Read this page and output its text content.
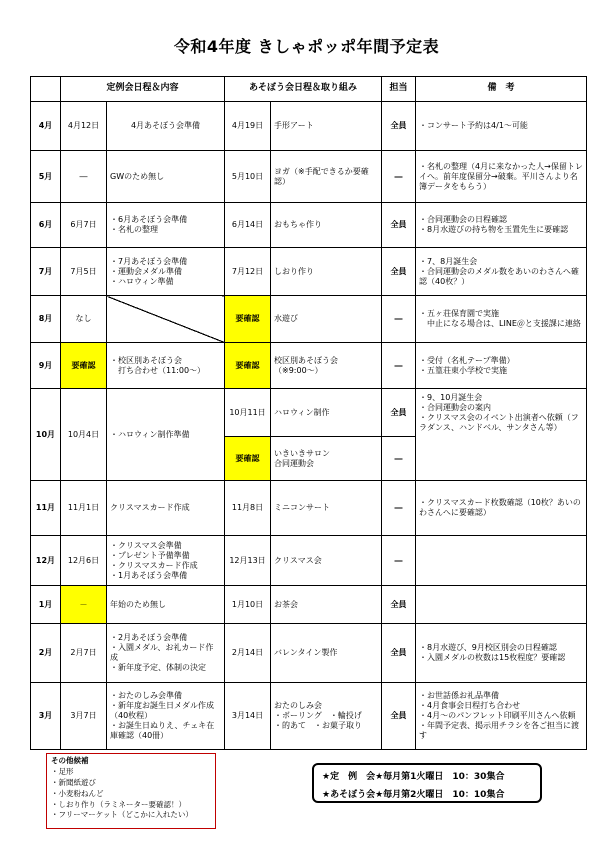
令和4年度 きしゃポッポ年間予定表
	定例会日程＆内容		あそぼう会日程＆取り組み		担当	備　考
4月	4月12日	4月あそぼう会準備	4月19日	手形アート	全員	・コンサート予約は4/1～可能
5月	―	GWのため無し	5月10日	ヨガ（※手配できるか要確認）	―	・名札の整理（4月に来なかった人→保留トレイへ。前年度保留分→破棄。平川さんより名簿データをもらう）
6月	6月7日	・6月あそぼう会準備
・名札の整理	6月14日	おもちゃ作り	全員	・合同運動会の日程確認
・8月水遊びの持ち物を玉置先生に要確認
7月	7月5日	・7月あそぼう会準備
・運動会メダル準備
・ハロウィン準備	7月12日	しおり作り	全員	・7、8月誕生会
・合同運動会のメダル数をあいのわさんへ確認（40枚？）
8月	なし		要確認	水遊び	―	・五ヶ荘保育園で実施
　中止になる場合は、LINE＠と支援課に連絡
9月	要確認	・校区別あそぼう会
　打ち合わせ（11:00～）	要確認	校区別あそぼう会
（※9:00～）	―	・受付（名札テープ準備）
・五篁荘東小学校で実施
10月	10月4日	・ハロウィン制作準備	10月11日	ハロウィン制作	全員	・9、10月誕生会
・合同運動会の案内
・クリスマス会のイベント出演者へ依頼（フラダンス、ハンドベル、サンタさん等）
			要確認	いきいきサロン
合同運動会	―	
11月	11月1日	クリスマスカード作成	11月8日	ミニコンサート	―	・クリスマスカード枚数確認（10枚？あいのわさんへに要確認）
12月	12月6日	・クリスマス会準備
・プレゼント予備準備
・クリスマスカード作成
・1月あそぼう会準備	12月13日	クリスマス会	―	
1月	－	年始のため無し	1月10日	お茶会	全員	
2月	2月7日	・2月あそぼう会準備
・入園メダル、お礼カード作成
・新年度予定、体制の決定	2月14日	バレンタイン製作	全員	・8月水遊び、9月校区別会の日程確認
・入園メダルの枚数は15枚程度？要確認
3月	3月7日	・おたのしみ会準備
・新年度お誕生日メダル作成（40枚程）
・お誕生日ぬりえ、チェキ在庫確認（40冊）	3月14日	おたのしみ会
・ボーリング　・輪投げ
・的あて　・お菓子取り	全員	・お世話係お礼品準備
・4月食事会日程打ち合わせ
・4月～のパンフレット印刷平川さんへ依頼
・年間予定表、掲示用チラシを各ご担当に渡す
その他候補
・足形
・新聞紙遊び
・小麦粉ねんど
・しおり作り（ラミネーター要確認！）
・フリーマーケット（どこかに入れたい）
★定　例　会★毎月第1火曜日　10：30集合
★あそぼう会★毎月第2火曜日　10：10集合
